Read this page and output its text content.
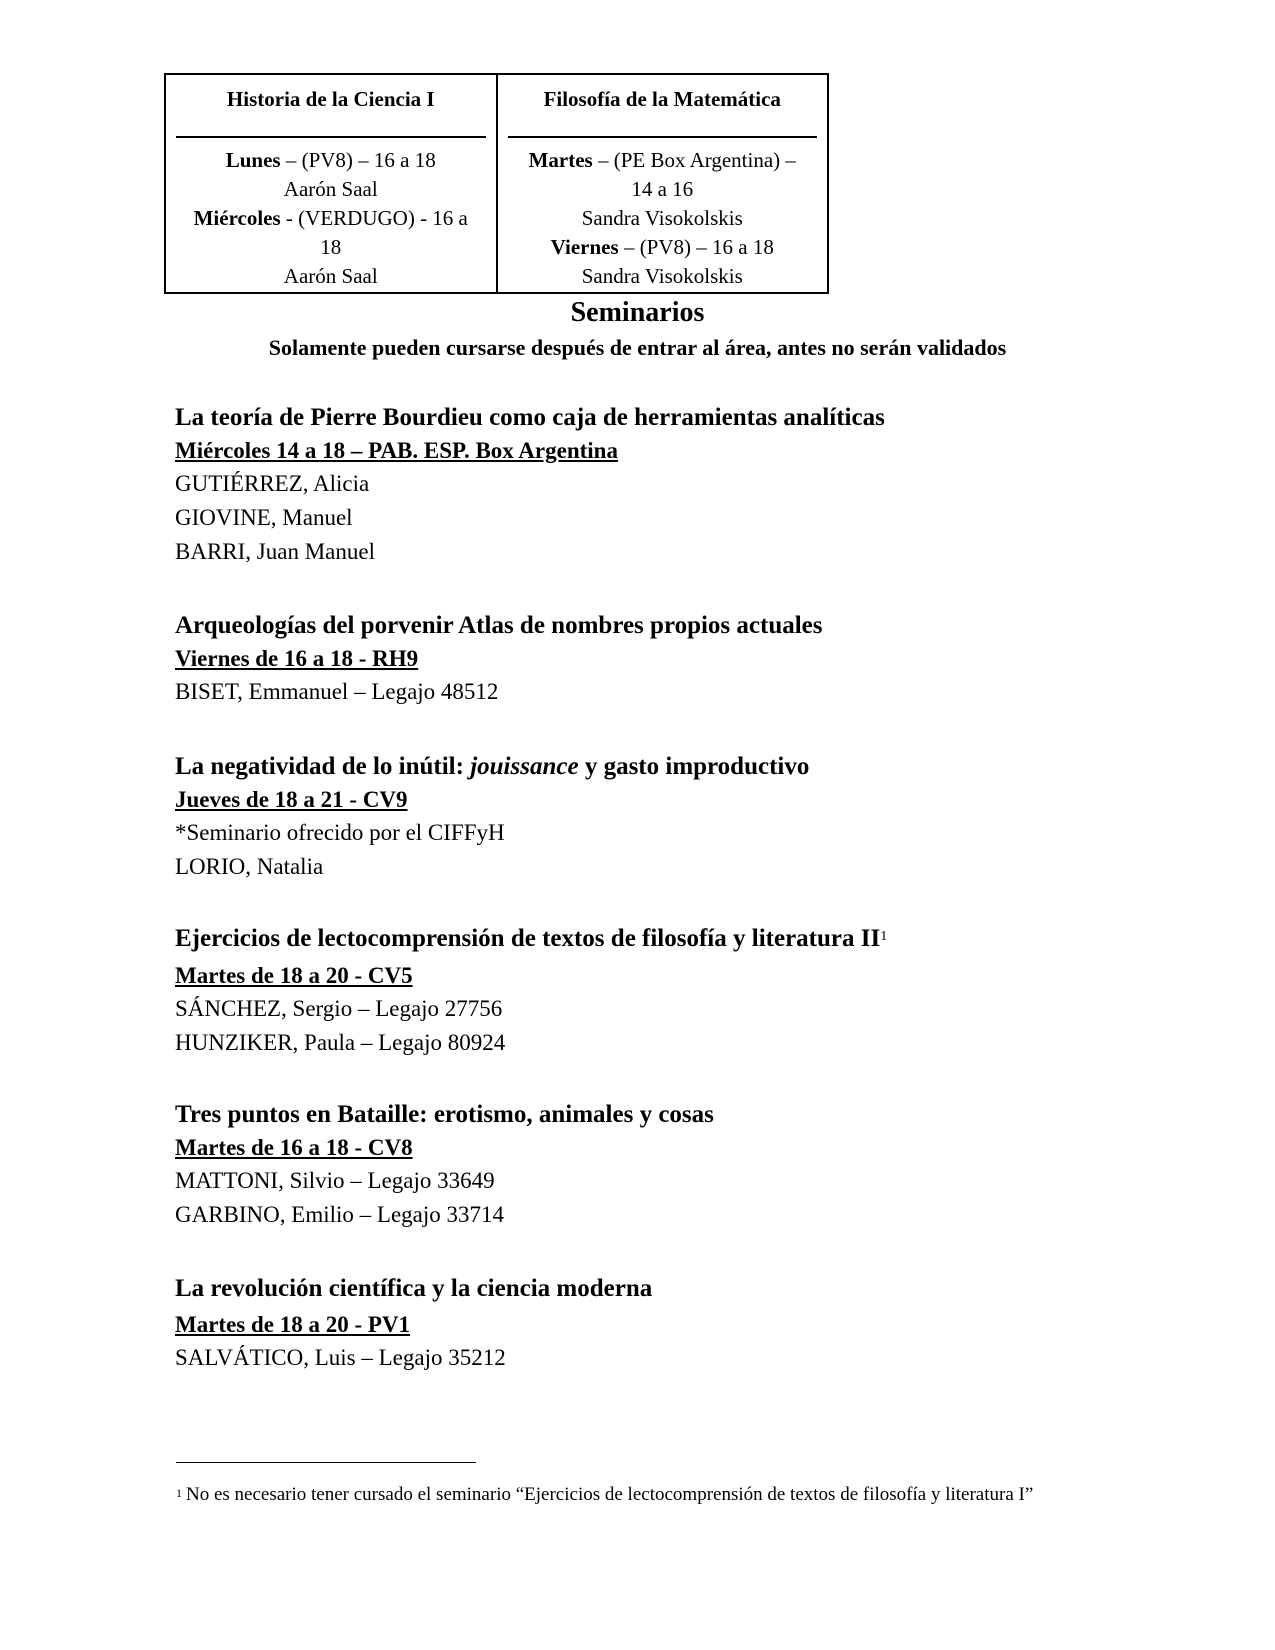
Historia de la Ciencia I
Lunes – (PV8) – 16 a 18
Aarón Saal
Miércoles - (VERDUGO) - 16 a
18
Aarón Saal
Filosofía de la Matemática
Martes – (PE Box Argentina) –
14 a 16
Sandra Visokolskis
Viernes – (PV8) – 16 a 18
Sandra Visokolskis
Seminarios
Solamente pueden cursarse después de entrar al área, antes no serán validados
La teoría de Pierre Bourdieu como caja de herramientas analíticas
Miércoles 14 a 18 – PAB. ESP. Box Argentina
GUTIÉRREZ, Alicia
GIOVINE, Manuel
BARRI, Juan Manuel
Arqueologías del porvenir Atlas de nombres propios actuales
Viernes de 16 a 18 - RH9
BISET, Emmanuel – Legajo 48512
La negatividad de lo inútil: jouissance y gasto improductivo
Jueves de 18 a 21 - CV9
*Seminario ofrecido por el CIFFyH
LORIO, Natalia
Ejercicios de lectocomprensión de textos de filosofía y literatura $II^1$
Martes de 18 a 20 - CV5
SÁNCHEZ, Sergio – Legajo 27756
HUNZIKER, Paula – Legajo 80924
Tres puntos en Bataille: erotismo, animales y cosas
Martes de 16 a 18 - CV8
MATTONI, Silvio – Legajo 33649
GARBINO, Emilio – Legajo 33714
La revolución científica y la ciencia moderna
Martes de 18 a 20 - PV1
SALVÁTICO, Luis – Legajo 35212
$^1$ No es necesario tener cursado el seminario “Ejercicios de lectocomprensión de textos de filosofía y literatura I”
